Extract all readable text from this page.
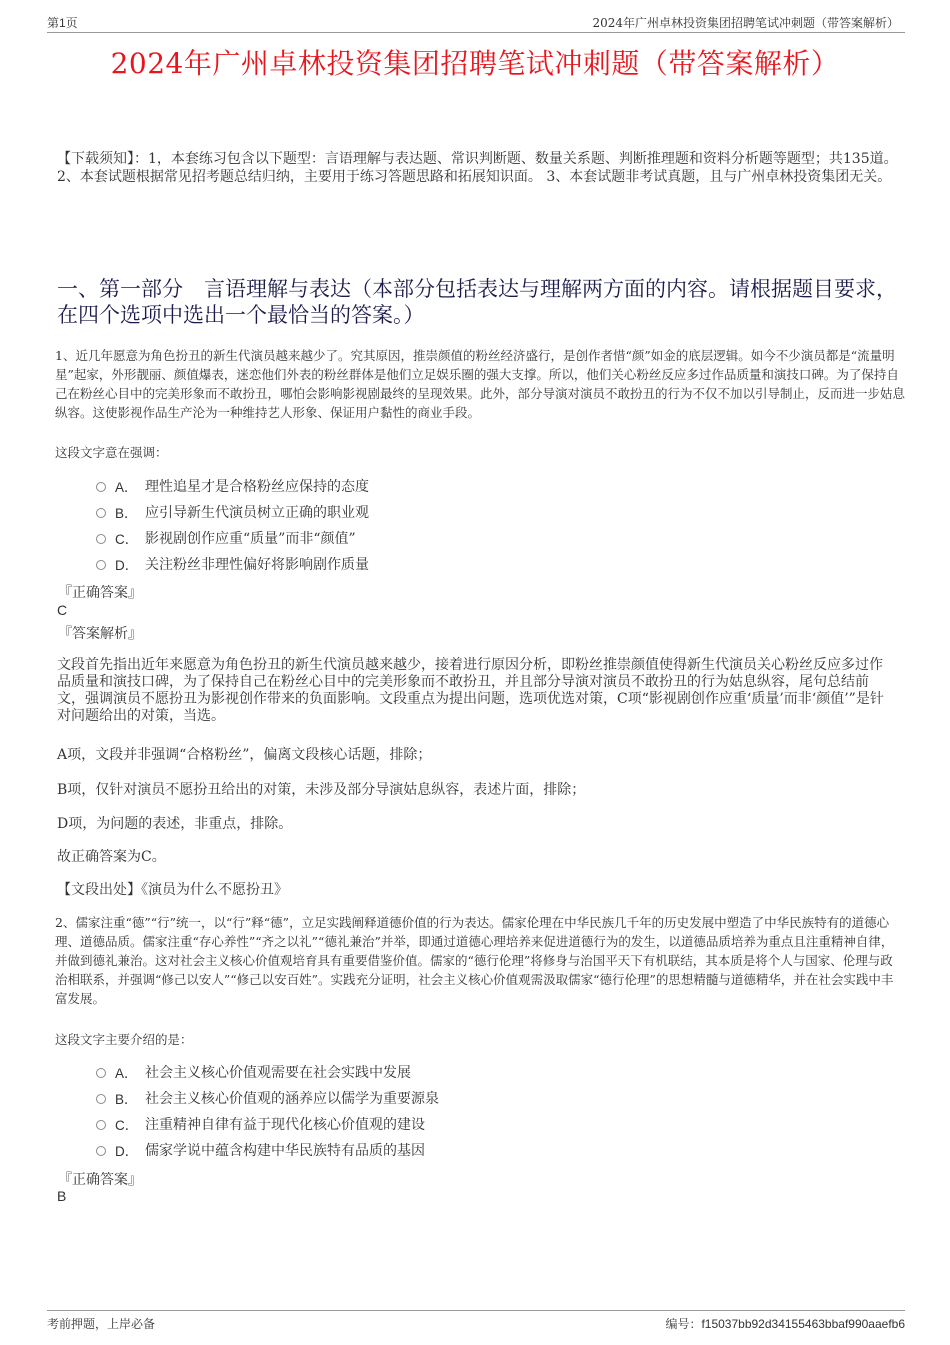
第1页	2024年广州卓林投资集团招聘笔试冲刺题（带答案解析）
2024年广州卓林投资集团招聘笔试冲刺题（带答案解析）
【下载须知】：1，本套练习包含以下题型：言语理解与表达题、常识判断题、数量关系题、判断推理题和资料分析题等题型；共135道。 2、本套试题根据常见招考题总结归纳，主要用于练习答题思路和拓展知识面。 3、本套试题非考试真题，且与广州卓林投资集团无关。
一、第一部分　言语理解与表达（本部分包括表达与理解两方面的内容。请根据题目要求，在四个选项中选出一个最恰当的答案。）
1、近几年愿意为角色扮丑的新生代演员越来越少了。究其原因，推崇颜值的粉丝经济盛行，是创作者惜“颜”如金的底层逻辑。如今不少演员都是“流量明星”起家，外形靓丽、颜值爆表，迷恋他们外表的粉丝群体是他们立足娱乐圈的强大支撑。所以，他们关心粉丝反应多过作品质量和演技口碑。为了保持自己在粉丝心目中的完美形象而不敢扮丑，哪怕会影响影视剧最终的呈现效果。此外，部分导演对演员不敢扮丑的行为不仅不加以引导制止，反而进一步姑息纵容。这使影视作品生产沦为一种维持艺人形象、保证用户黏性的商业手段。
这段文字意在强调：
A． 理性追星才是合格粉丝应保持的态度
B． 应引导新生代演员树立正确的职业观
C． 影视剧创作应重“质量”而非“颜值”
D． 关注粉丝非理性偏好将影响剧作质量
『正确答案』
C
『答案解析』
文段首先指出近年来愿意为角色扮丑的新生代演员越来越少，接着进行原因分析，即粉丝推崇颜值使得新生代演员关心粉丝反应多过作品质量和演技口碑，为了保持自己在粉丝心目中的完美形象而不敢扮丑，并且部分导演对演员不敢扮丑的行为姑息纵容，尾句总结前文，强调演员不愿扮丑为影视创作带来的负面影响。文段重点为提出问题，选项优选对策，C项“影视剧创作应重‘质量’而非‘颜值’”是针对问题给出的对策，当选。
A项，文段并非强调“合格粉丝”，偏离文段核心话题，排除；
B项，仅针对演员不愿扮丑给出的对策，未涉及部分导演姑息纵容，表述片面，排除；
D项，为问题的表述，非重点，排除。
故正确答案为C。
【文段出处】《演员为什么不愿扮丑》
2、儒家注重“德”“行”统一，以“行”释“德”，立足实践阐释道德价值的行为表达。儒家伦理在中华民族几千年的历史发展中塑造了中华民族特有的道德心理、道德品质。儒家注重“存心养性”“齐之以礼”“德礼兼治”并举，即通过道德心理培养来促进道德行为的发生，以道德品质培养为重点且注重精神自律，并做到德礼兼治。这对社会主义核心价值观培育具有重要借鉴价值。儒家的“德行伦理”将修身与治国平天下有机联结，其本质是将个人与国家、伦理与政治相联系，并强调“修己以安人”“修己以安百姓”。实践充分证明，社会主义核心价值观需汲取儒家“德行伦理”的思想精髓与道德精华，并在社会实践中丰富发展。
这段文字主要介绍的是：
A． 社会主义核心价值观需要在社会实践中发展
B． 社会主义核心价值观的涵养应以儒学为重要源泉
C． 注重精神自律有益于现代化核心价值观的建设
D． 儒家学说中蕴含构建中华民族特有品质的基因
『正确答案』
B
考前押题，上岸必备	编号：f15037bb92d34155463bbaf990aaefb6
